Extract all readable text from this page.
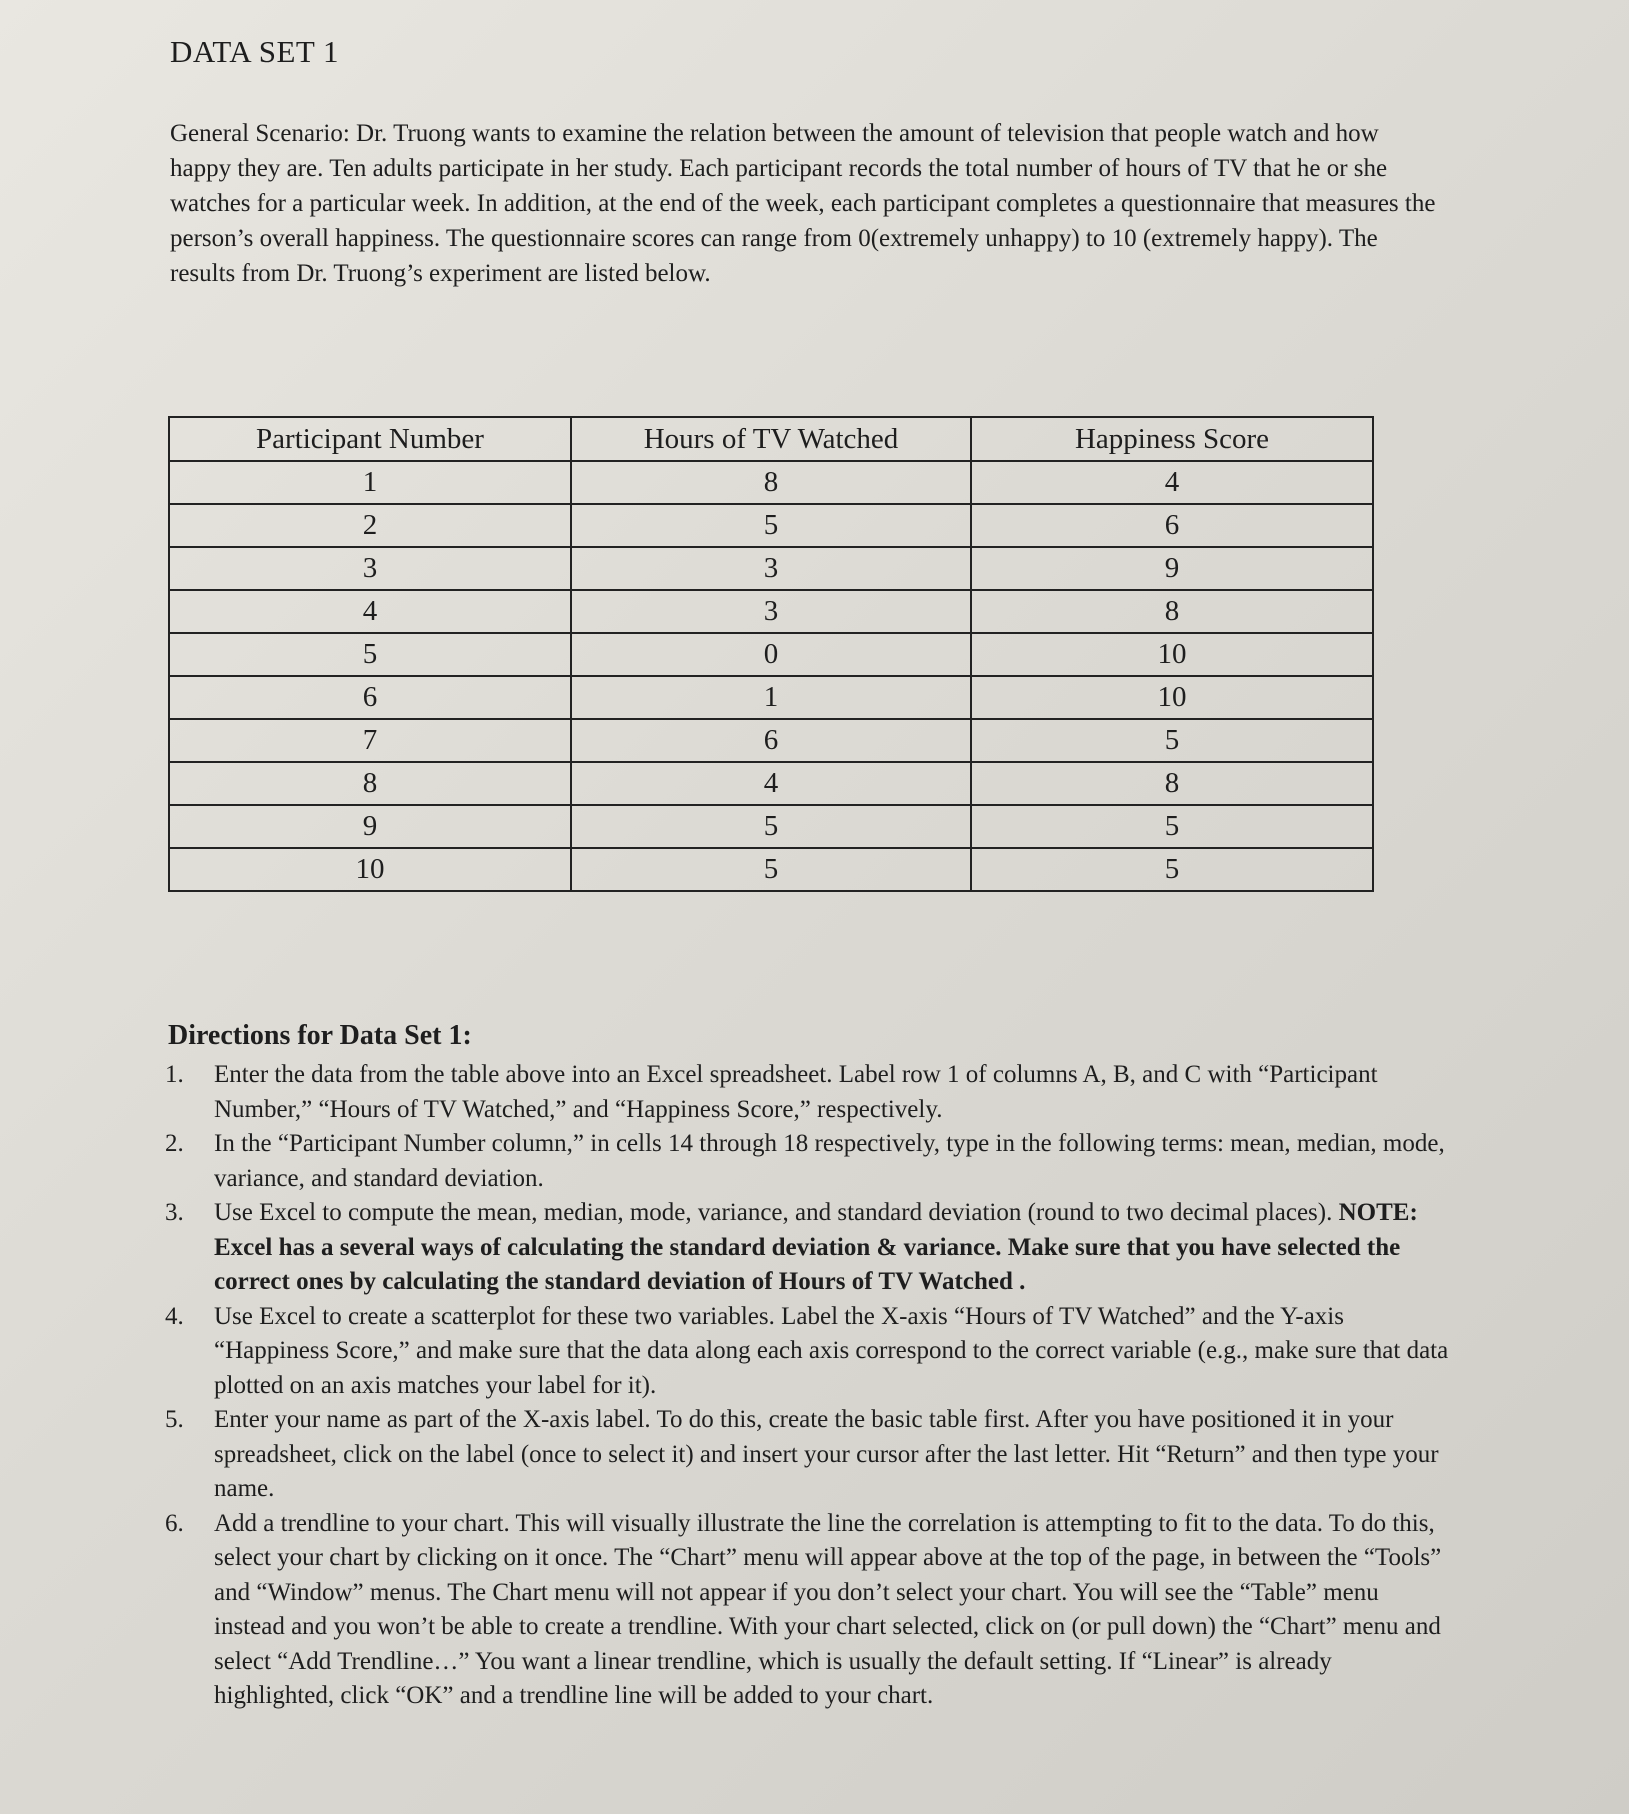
DATA SET 1

General Scenario: Dr. Truong wants to examine the relation between the amount of television that people watch and how happy they are. Ten adults participate in her study. Each participant records the total number of hours of TV that he or she watches for a particular week. In addition, at the end of the week, each participant completes a questionnaire that measures the person’s overall happiness. The questionnaire scores can range from 0(extremely unhappy) to 10 (extremely happy). The results from Dr. Truong’s experiment are listed below.

Participant Number	Hours of TV Watched	Happiness Score
1	8	4
2	5	6
3	3	9
4	3	8
5	0	10
6	1	10
7	6	5
8	4	8
9	5	5
10	5	5
Directions for Data Set 1:
1. Enter the data from the table above into an Excel spreadsheet. Label row 1 of columns A, B, and C with “Participant Number,” “Hours of TV Watched,” and “Happiness Score,” respectively.
2. In the “Participant Number column,” in cells 14 through 18 respectively, type in the following terms: mean, median, mode, variance, and standard deviation.
3. Use Excel to compute the mean, median, mode, variance, and standard deviation (round to two decimal places). NOTE: Excel has a several ways of calculating the standard deviation & variance. Make sure that you have selected the correct ones by calculating the standard deviation of Hours of TV Watched .
4. Use Excel to create a scatterplot for these two variables. Label the X-axis “Hours of TV Watched” and the Y-axis “Happiness Score,” and make sure that the data along each axis correspond to the correct variable (e.g., make sure that data plotted on an axis matches your label for it).
5. Enter your name as part of the X-axis label. To do this, create the basic table first. After you have positioned it in your spreadsheet, click on the label (once to select it) and insert your cursor after the last letter. Hit “Return” and then type your name.
6. Add a trendline to your chart. This will visually illustrate the line the correlation is attempting to fit to the data. To do this, select your chart by clicking on it once. The “Chart” menu will appear above at the top of the page, in between the “Tools” and “Window” menus. The Chart menu will not appear if you don’t select your chart. You will see the “Table” menu instead and you won’t be able to create a trendline. With your chart selected, click on (or pull down) the “Chart” menu and select “Add Trendline…” You want a linear trendline, which is usually the default setting. If “Linear” is already highlighted, click “OK” and a trendline line will be added to your chart.
